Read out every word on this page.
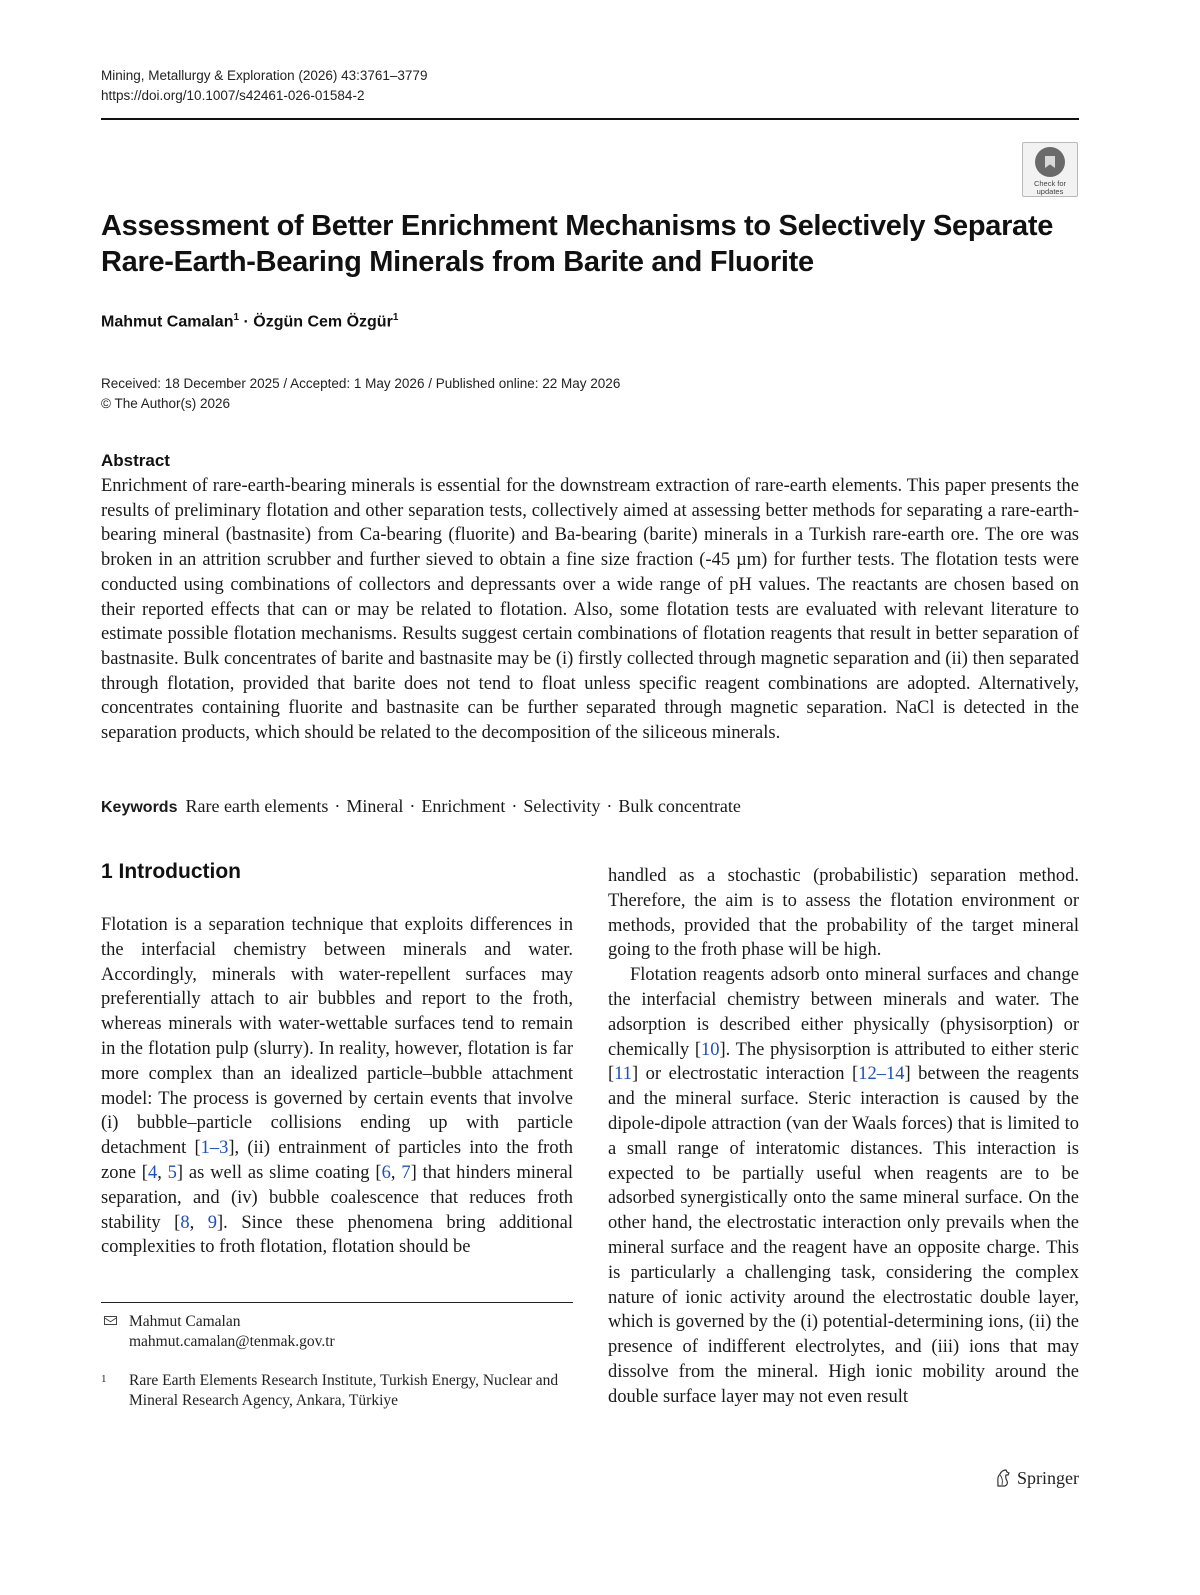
Mining, Metallurgy & Exploration (2026) 43:3761–3779
https://doi.org/10.1007/s42461-026-01584-2
Check for
updates
Assessment of Better Enrichment Mechanisms to Selectively Separate
Rare-Earth-Bearing Minerals from Barite and Fluorite
Mahmut Camalan$^1$ · Özgün Cem Özgür$^1$
Received: 18 December 2025 / Accepted: 1 May 2026 / Published online: 22 May 2026
© The Author(s) 2026
Abstract
Enrichment of rare-earth-bearing minerals is essential for the downstream extraction of rare-earth elements. This paper presents the results of preliminary flotation and other separation tests, collectively aimed at assessing better methods for separating a rare-earth-bearing mineral (bastnasite) from Ca-bearing (fluorite) and Ba-bearing (barite) minerals in a Turkish rare-earth ore. The ore was broken in an attrition scrubber and further sieved to obtain a fine size fraction (-45 µm) for further tests. The flotation tests were conducted using combinations of collectors and depressants over a wide range of pH values. The reactants are chosen based on their reported effects that can or may be related to flotation. Also, some flotation tests are evaluated with relevant literature to estimate possible flotation mechanisms. Results suggest certain combinations of flotation reagents that result in better separation of bastnasite. Bulk concentrates of barite and bastnasite may be (i) firstly collected through magnetic separation and (ii) then separated through flotation, provided that barite does not tend to float unless specific reagent combinations are adopted. Alternatively, concentrates containing fluorite and bastnasite can be further separated through magnetic separation. NaCl is detected in the separation products, which should be related to the decomposition of the siliceous minerals.
Keywords Rare earth elements · Mineral · Enrichment · Selectivity · Bulk concentrate
1 Introduction

Flotation is a separation technique that exploits differences in the interfacial chemistry between minerals and water. Accordingly, minerals with water-repellent surfaces may preferentially attach to air bubbles and report to the froth, whereas minerals with water-wettable surfaces tend to remain in the flotation pulp (slurry). In reality, however, flotation is far more complex than an idealized particle–bubble attachment model: The process is governed by certain events that involve (i) bubble–particle collisions ending up with particle detachment [1–3], (ii) entrainment of particles into the froth zone [4, 5] as well as slime coating [6, 7] that hinders mineral separation, and (iv) bubble coalescence that reduces froth stability [8, 9]. Since these phenomena bring additional complexities to froth flotation, flotation should be

handled as a stochastic (probabilistic) separation method. Therefore, the aim is to assess the flotation environment or methods, provided that the probability of the target mineral going to the froth phase will be high.

Flotation reagents adsorb onto mineral surfaces and change the interfacial chemistry between minerals and water. The adsorption is described either physically (physisorption) or chemically [10]. The physisorption is attributed to either steric [11] or electrostatic interaction [12–14] between the reagents and the mineral surface. Steric interaction is caused by the dipole-dipole attraction (van der Waals forces) that is limited to a small range of interatomic distances. This interaction is expected to be partially useful when reagents are to be adsorbed synergistically onto the same mineral surface. On the other hand, the electrostatic interaction only prevails when the mineral surface and the reagent have an opposite charge. This is particularly a challenging task, considering the complex nature of ionic activity around the electrostatic double layer, which is governed by the (i) potential-determining ions, (ii) the presence of indifferent electrolytes, and (iii) ions that may dissolve from the mineral. High ionic mobility around the double surface layer may not even result

Mahmut Camalan
mahmut.camalan@tenmak.gov.tr
1 Rare Earth Elements Research Institute, Turkish Energy, Nuclear and Mineral Research Agency, Ankara, Türkiye
Springer
